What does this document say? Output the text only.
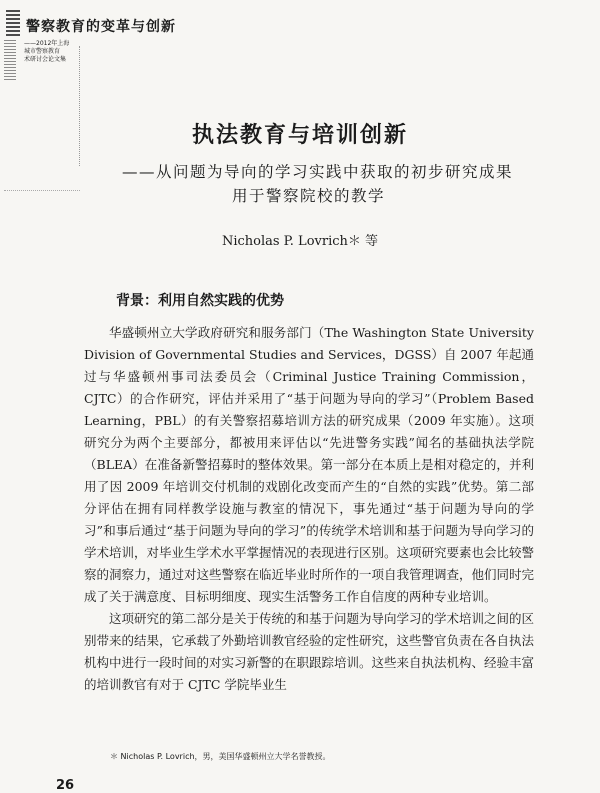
警察教育的变革与创新
——2012年上海
城市警察教育
术研讨会论文集
执法教育与培训创新
——从问题为导向的学习实践中获取的初步研究成果
用于警察院校的教学
Nicholas P. Lovrich＊ 等
背景：利用自然实践的优势

华盛顿州立大学政府研究和服务部门（The Washington State University Division of Governmental Studies and Services，DGSS）自 2007 年起通过与华盛顿州事司法委员会（Criminal Justice Training Commission，CJTC）的合作研究，评估并采用了“基于问题为导向的学习”（Problem Based Learning，PBL）的有关警察招募培训方法的研究成果（2009 年实施）。这项研究分为两个主要部分，都被用来评估以“先进警务实践”闻名的基础执法学院（BLEA）在准备新警招募时的整体效果。第一部分在本质上是相对稳定的，并利用了因 2009 年培训交付机制的戏剧化改变而产生的“自然的实践”优势。第二部分评估在拥有同样教学设施与教室的情况下，事先通过“基于问题为导向的学习”和事后通过“基于问题为导向的学习”的传统学术培训和基于问题为导向学习的学术培训，对毕业生学术水平掌握情况的表现进行区别。这项研究要素也会比较警察的洞察力，通过对这些警察在临近毕业时所作的一项自我管理调查，他们同时完成了关于满意度、目标明细度、现实生活警务工作自信度的两种专业培训。

这项研究的第二部分是关于传统的和基于问题为导向学习的学术培训之间的区别带来的结果，它承载了外勤培训教官经验的定性研究，这些警官负责在各自执法机构中进行一段时间的对实习新警的在职跟踪培训。这些来自执法机构、经验丰富的培训教官有对于 CJTC 学院毕业生

＊ Nicholas P. Lovrich，男，美国华盛顿州立大学名誉教授。
26
